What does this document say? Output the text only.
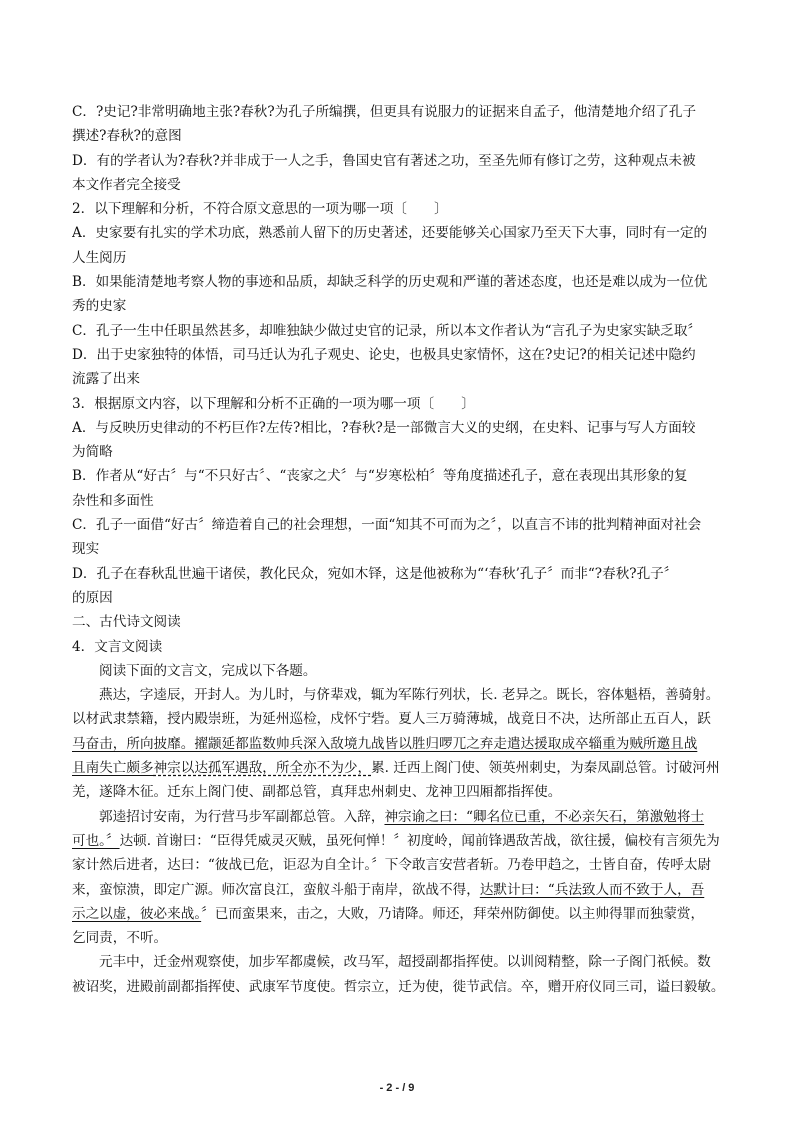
C．?史记?非常明确地主张?春秋?为孔子所编撰，但更具有说服力的证据来自孟子，他清楚地介绍了孔子
撰述?春秋?的意图
D．有的学者认为?春秋?并非成于一人之手，鲁国史官有著述之功，至圣先师有修订之劳，这种观点未被
本文作者完全接受
2．以下理解和分析，不符合原文意思的一项为哪一项〔　　〕
A．史家要有扎实的学术功底，熟悉前人留下的历史著述，还要能够关心国家乃至天下大事，同时有一定的
人生阅历
B．如果能清楚地考察人物的事迹和品质，却缺乏科学的历史观和严谨的著述态度，也还是难以成为一位优
秀的史家
C．孔子一生中任职虽然甚多，却唯独缺少做过史官的记录，所以本文作者认为“言孔子为史家实缺乏取〞
D．出于史家独特的体悟，司马迁认为孔子观史、论史，也极具史家情怀，这在?史记?的相关记述中隐约
流露了出来
3．根据原文内容，以下理解和分析不正确的一项为哪一项〔　　〕
A．与反映历史律动的不朽巨作?左传?相比，?春秋?是一部微言大义的史纲，在史料、记事与写人方面较
为简略
B．作者从“好古〞与“不只好古〞、“丧家之犬〞与“岁寒松柏〞等角度描述孔子，意在表现出其形象的复
杂性和多面性
C．孔子一面借“好古〞缔造着自己的社会理想，一面“知其不可而为之〞，以直言不讳的批判精神面对社会
现实
D．孔子在春秋乱世遍干诸侯，教化民众，宛如木铎，这是他被称为“‘春秋’孔子〞而非“?春秋?孔子〞
的原因
二、古代诗文阅读
4．文言文阅读
阅读下面的文言文，完成以下各题。
燕达，字逵辰，开封人。为儿时，与侪辈戏，辄为军陈行列状，长. 老异之。既长，容体魁梧，善骑射。
以材武隶禁籍，授内殿崇班，为延州巡检，戍怀宁砦。夏人三万骑薄城，战竟日不决，达所部止五百人，跃
马奋击，所向披靡。擢颛延都监数帅兵深入敌境九战皆以胜归啰兀之弃走遣达援取成卒辎重为贼所邀且战
且南失亡颇多神宗以达孤军遇敌，所全亦不为少，累. 迁西上阁门使、领英州刺史，为秦凤副总管。讨破河州
羌，遂降木征。迁东上阁门使、副都总管，真拜忠州刺史、龙神卫四厢都指挥使。
郭逵招讨安南，为行营马步军副都总管。入辞，神宗谕之曰：“卿名位已重，不必亲矢石，第激勉将士
可也。〞达顿. 首谢曰：“臣得凭威灵灭贼，虽死何惮！〞初度岭，闻前锋遇敌苦战，欲往援，偏校有言须先为
家计然后进者，达曰：“彼战已危，讵忍为自全计。〞下令敢言安营者斩。乃卷甲趋之，士皆自奋，传呼太尉
来，蛮惊溃，即定广源。师次富良江，蛮舣斗船于南岸，欲战不得，达默计曰：“兵法致人而不致于人，吾
示之以虚，彼必来战。〞已而蛮果来，击之，大败，乃请降。师还，拜荣州防御使。以主帅得罪而独蒙赏，
乞同责，不听。
元丰中，迁金州观察使，加步军都虞候，改马军，超授副都指挥使。以训阅精整，除一子阁门祇候。数
被诏奖，进殿前副都指挥使、武康军节度使。哲宗立，迁为使，徙节武信。卒，赠开府仪同三司，谥曰毅敏。
- 2 - / 9
